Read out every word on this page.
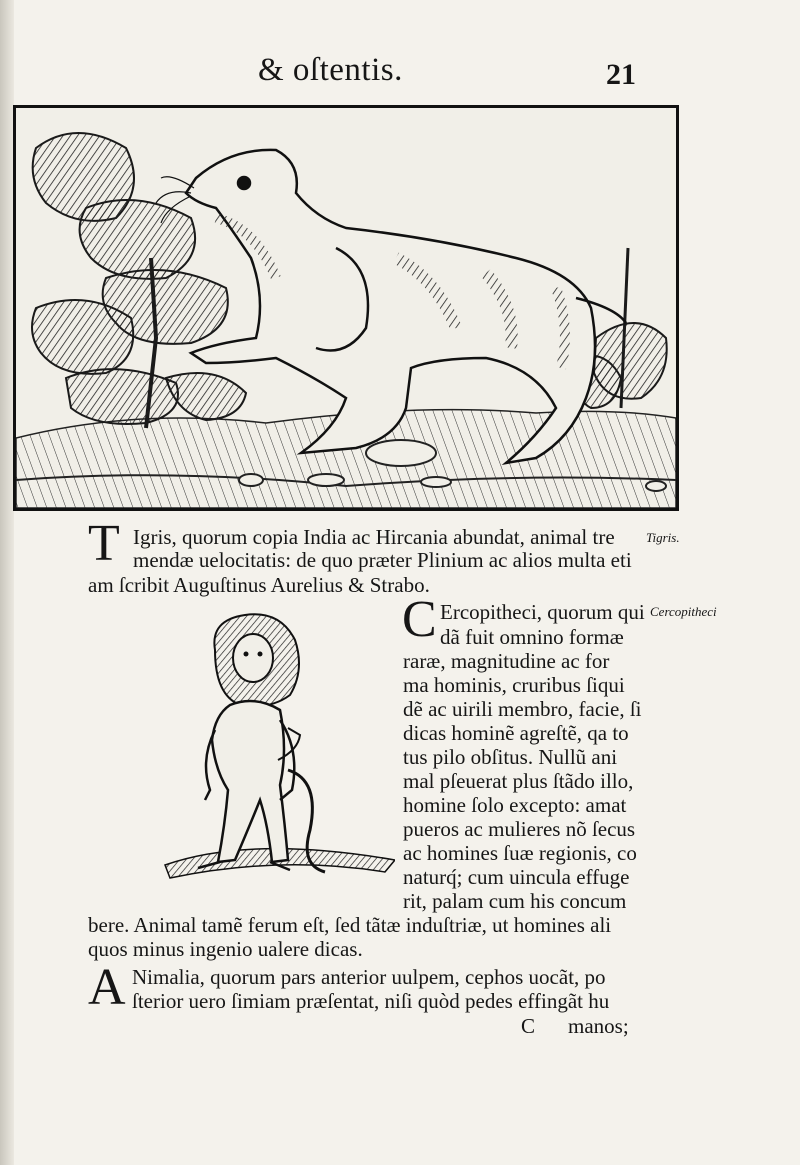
& oſtentis.	21
T Igris, quorum copia India ac Hircania abundat, animal tre
mendæ uelocitatis: de quo præter Plinium ac alios multa eti
am ſcribit Auguſtinus Aurelius & Strabo.
Tigris.
C Ercopitheci, quorum qui
dã fuit omnino formæ
raræ, magnitudine ac for
ma hominis, cruribus ſiqui
dẽ ac uirili membro, facie, ſi
dicas hominẽ agreſtẽ, qa to
tus pilo obſitus. Nullũ ani
mal pſeuerat plus ſtãdo illo,
homine ſolo excepto: amat
pueros ac mulieres nõ ſecus
ac homines ſuæ regionis, co
naturq́; cum uincula effuge
rit, palam cum his concum
bere. Animal tamẽ ferum eſt, ſed tãtæ induſtriæ, ut homines ali
quos minus ingenio ualere dicas.
Cercopitheci
A Nimalia, quorum pars anterior uulpem, cephos uocãt, po
ſterior uero ſimiam præſentat, niſi quòd pedes effingãt hu
C manos;
